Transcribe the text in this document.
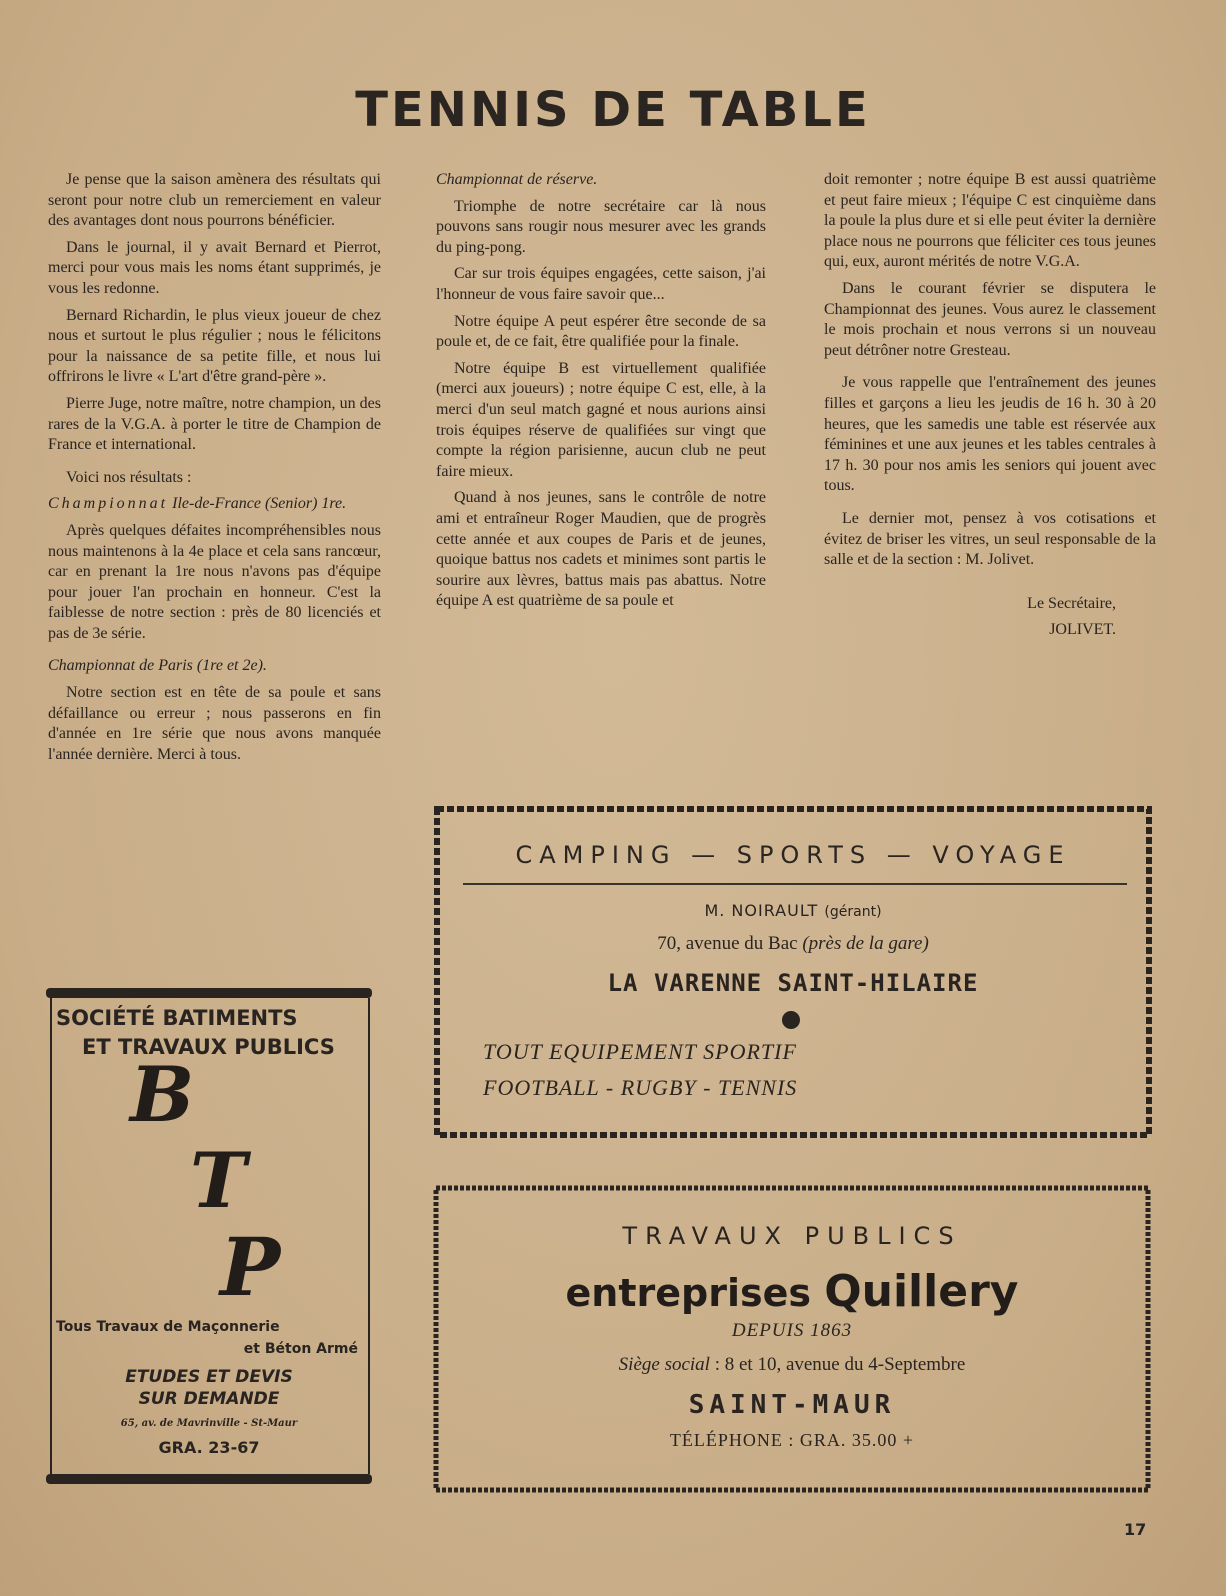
TENNIS DE TABLE

Je pense que la saison amènera des résultats qui seront pour notre club un remerciement en valeur des avantages dont nous pourrons bénéficier.

Dans le journal, il y avait Bernard et Pierrot, merci pour vous mais les noms étant supprimés, je vous les redonne.

Bernard Richardin, le plus vieux joueur de chez nous et surtout le plus régulier ; nous le félicitons pour la naissance de sa petite fille, et nous lui offrirons le livre « L'art d'être grand-père ».

Pierre Juge, notre maître, notre champion, un des rares de la V.G.A. à porter le titre de Champion de France et international.

Voici nos résultats :

Championnat Ile-de-France (Senior) 1re.

Après quelques défaites incompréhensibles nous nous maintenons à la 4e place et cela sans rancœur, car en prenant la 1re nous n'avons pas d'équipe pour jouer l'an prochain en honneur. C'est la faiblesse de notre section : près de 80 licenciés et pas de 3e série.

Championnat de Paris (1re et 2e).

Notre section est en tête de sa poule et sans défaillance ou erreur ; nous passerons en fin d'année en 1re série que nous avons manquée l'année dernière. Merci à tous.

Championnat de réserve.

Triomphe de notre secrétaire car là nous pouvons sans rougir nous mesurer avec les grands du ping-pong.

Car sur trois équipes engagées, cette saison, j'ai l'honneur de vous faire savoir que...

Notre équipe A peut espérer être seconde de sa poule et, de ce fait, être qualifiée pour la finale.

Notre équipe B est virtuellement qualifiée (merci aux joueurs) ; notre équipe C est, elle, à la merci d'un seul match gagné et nous aurions ainsi trois équipes réserve de qualifiées sur vingt que compte la région parisienne, aucun club ne peut faire mieux.

Quand à nos jeunes, sans le contrôle de notre ami et entraîneur Roger Maudien, que de progrès cette année et aux coupes de Paris et de jeunes, quoique battus nos cadets et minimes sont partis le sourire aux lèvres, battus mais pas abattus. Notre équipe A est quatrième de sa poule et

doit remonter ; notre équipe B est aussi quatrième et peut faire mieux ; l'équipe C est cinquième dans la poule la plus dure et si elle peut éviter la dernière place nous ne pourrons que féliciter ces tous jeunes qui, eux, auront mérités de notre V.G.A.

Dans le courant février se disputera le Championnat des jeunes. Vous aurez le classement le mois prochain et nous verrons si un nouveau peut détrôner notre Gresteau.

Je vous rappelle que l'entraînement des jeunes filles et garçons a lieu les jeudis de 16 h. 30 à 20 heures, que les samedis une table est réservée aux féminines et une aux jeunes et les tables centrales à 17 h. 30 pour nos amis les seniors qui jouent avec tous.

Le dernier mot, pensez à vos cotisations et évitez de briser les vitres, un seul responsable de la salle et de la section : M. Jolivet.

Le Secrétaire,
JOLIVET.
SOCIÉTÉ BATIMENTS
ET TRAVAUX PUBLICS
B
T
P
Tous Travaux de Maçonnerie
et Béton Armé
ETUDES ET DEVIS
SUR DEMANDE
65, av. de Mavrinville - St-Maur
GRA. 23-67
CAMPING — SPORTS — VOYAGE
M. NOIRAULT (gérant)
70, avenue du Bac (près de la gare)
LA VARENNE SAINT-HILAIRE
TOUT EQUIPEMENT SPORTIF
FOOTBALL - RUGBY - TENNIS
TRAVAUX PUBLICS
entreprises Quillery
DEPUIS 1863
Siège social : 8 et 10, avenue du 4-Septembre
SAINT-MAUR
TÉLÉPHONE : GRA. 35.00 +
17
